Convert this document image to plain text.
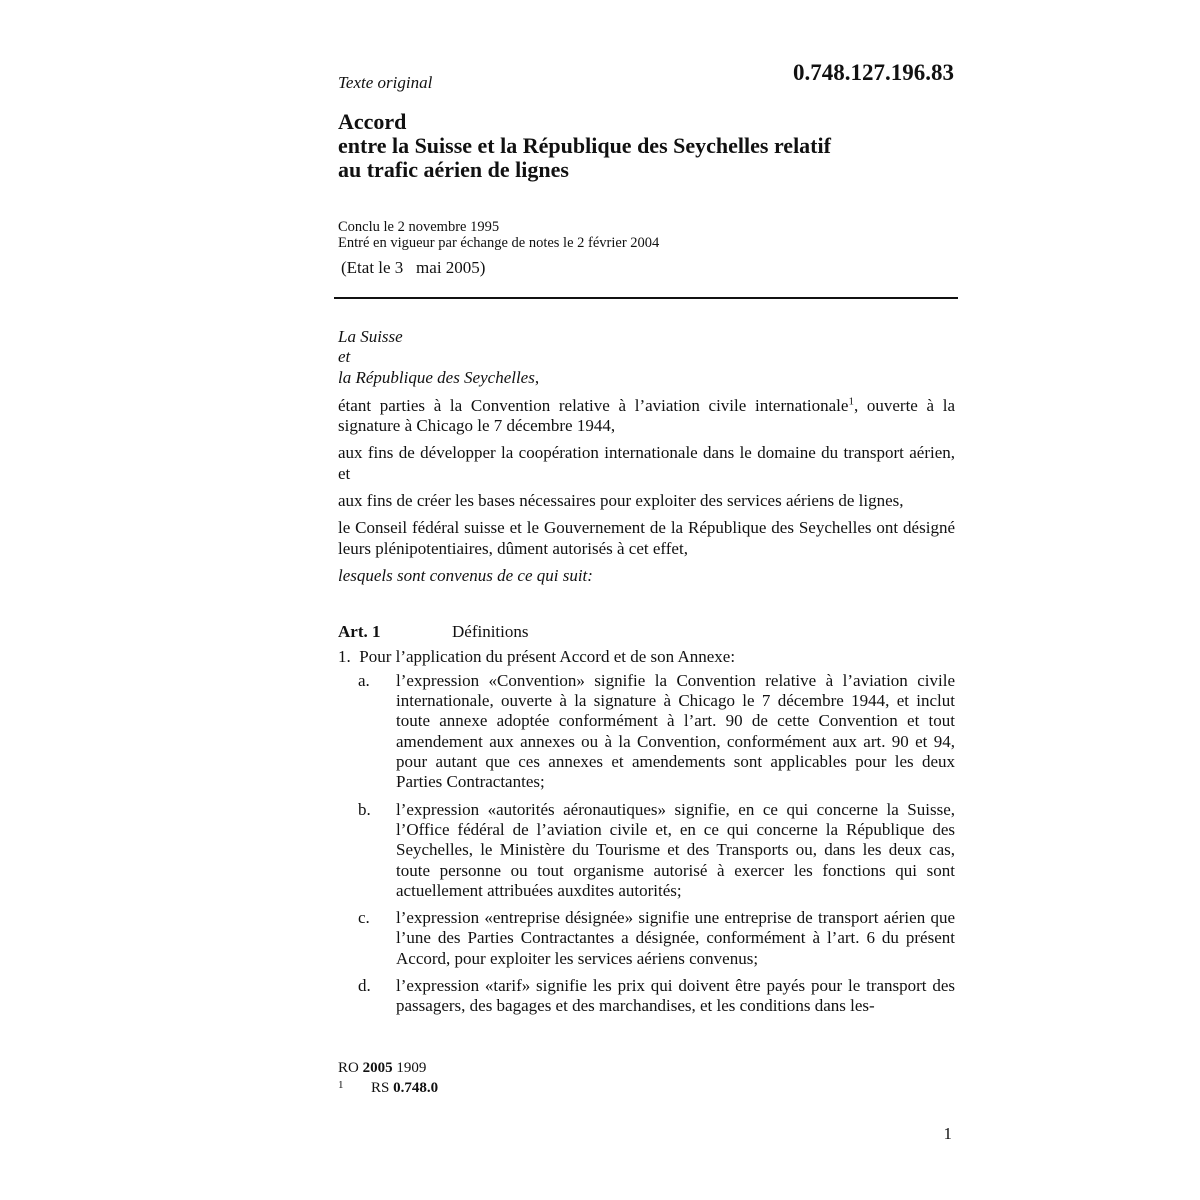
Texte original	0.748.127.196.83
Accord
entre la Suisse et la République des Seychelles relatif
au trafic aérien de lignes
Conclu le 2 novembre 1995
Entré en vigueur par échange de notes le 2 février 2004
(Etat le 3   mai 2005)
La Suisse
et
la République des Seychelles,

étant parties à la Convention relative à l’aviation civile internationale$^1$, ouverte à la signature à Chicago le 7 décembre 1944,

aux fins de développer la coopération internationale dans le domaine du transport aérien, et

aux fins de créer les bases nécessaires pour exploiter des services aériens de lignes,

le Conseil fédéral suisse et le Gouvernement de la République des Seychelles ont désigné leurs plénipotentiaires, dûment autorisés à cet effet,

lesquels sont convenus de ce qui suit:

Art. 1	Définitions
1.  Pour l’application du présent Accord et de son Annexe:
a.	l’expression «Convention» signifie la Convention relative à l’aviation civile internationale, ouverte à la signature à Chicago le 7 décembre 1944, et inclut toute annexe adoptée conformément à l’art. 90 de cette Convention et tout amendement aux annexes ou à la Convention, conformément aux art. 90 et 94, pour autant que ces annexes et amendements sont applicables pour les deux Parties Contractantes;
b.	l’expression «autorités aéronautiques» signifie, en ce qui concerne la Suisse, l’Office fédéral de l’aviation civile et, en ce qui concerne la République des Seychelles, le Ministère du Tourisme et des Transports ou, dans les deux cas, toute personne ou tout organisme autorisé à exercer les fonctions qui sont actuellement attribuées auxdites autorités;
c.	l’expression «entreprise désignée» signifie une entreprise de transport aérien que l’une des Parties Contractantes a désignée, conformément à l’art. 6 du présent Accord, pour exploiter les services aériens convenus;
d.	l’expression «tarif» signifie les prix qui doivent être payés pour le transport des passagers, des bagages et des marchandises, et les conditions dans les-
RO 2005 1909
1	RS 0.748.0
1
